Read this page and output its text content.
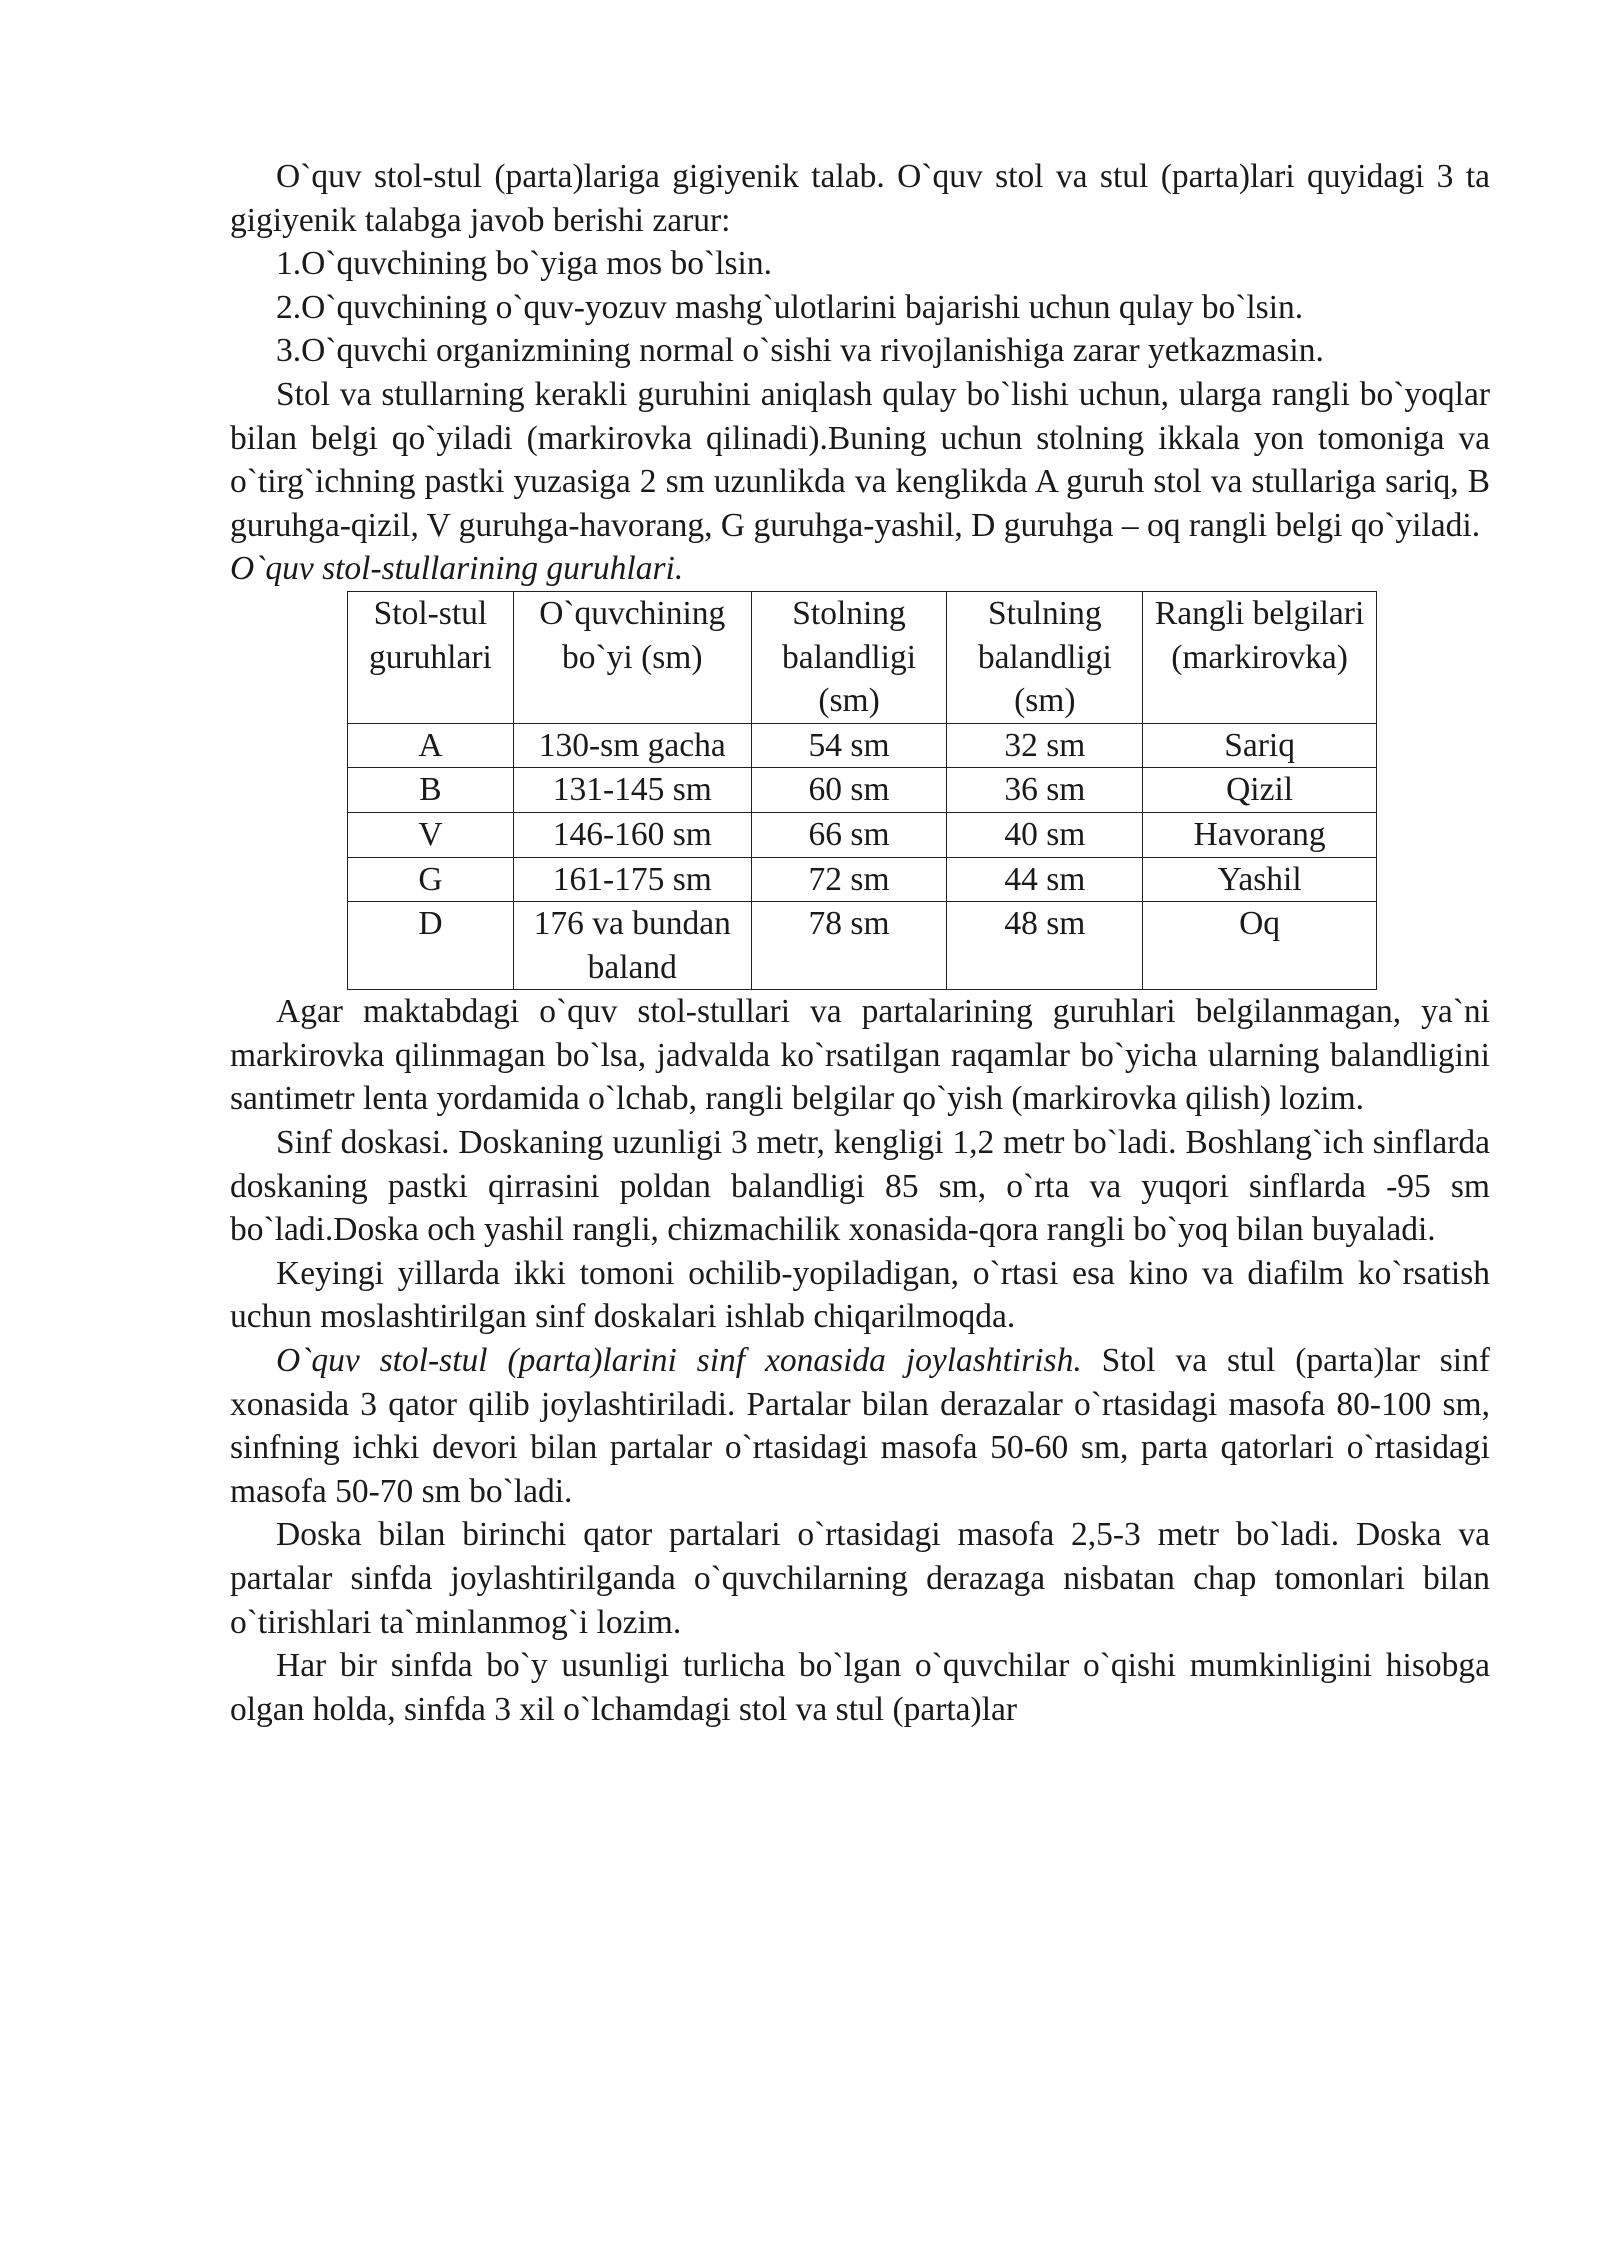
O`quv stol-stul (parta)lariga gigiyenik talab. O`quv stol va stul (parta)lari quyidagi 3 ta gigiyenik talabga javob berishi zarur:

1.O`quvchining bo`yiga mos bo`lsin.

2.O`quvchining o`quv-yozuv mashg`ulotlarini bajarishi uchun qulay bo`lsin.

3.O`quvchi organizmining normal o`sishi va rivojlanishiga zarar yetkazmasin.

Stol va stullarning kerakli guruhini aniqlash qulay bo`lishi uchun, ularga rangli bo`yoqlar bilan belgi qo`yiladi (markirovka qilinadi).Buning uchun stolning ikkala yon tomoniga va o`tirg`ichning pastki yuzasiga 2 sm uzunlikda va kenglikda A guruh stol va stullariga sariq, B guruhga-qizil, V guruhga-havorang, G guruhga-yashil, D guruhga – oq rangli belgi qo`yiladi.

O`quv stol-stullarining guruhlari.

Stol-stul guruhlari	O`quvchining bo`yi (sm)	Stolning balandligi (sm)	Stulning balandligi (sm)	Rangli belgilari (markirovka)
A	130-sm gacha	54 sm	32 sm	Sariq
B	131-145 sm	60 sm	36 sm	Qizil
V	146-160 sm	66 sm	40 sm	Havorang
G	161-175 sm	72 sm	44 sm	Yashil
D	176 va bundan baland	78 sm	48 sm	Oq

Agar maktabdagi o`quv stol-stullari va partalarining guruhlari belgilanmagan, ya`ni markirovka qilinmagan bo`lsa, jadvalda ko`rsatilgan raqamlar bo`yicha ularning balandligini santimetr lenta yordamida o`lchab, rangli belgilar qo`yish (markirovka qilish) lozim.

Sinf doskasi. Doskaning uzunligi 3 metr, kengligi 1,2 metr bo`ladi. Boshlang`ich sinflarda doskaning pastki qirrasini poldan balandligi 85 sm, o`rta va yuqori sinflarda -95 sm bo`ladi.Doska och yashil rangli, chizmachilik xonasida-qora rangli bo`yoq bilan buyaladi.

Keyingi yillarda ikki tomoni ochilib-yopiladigan, o`rtasi esa kino va diafilm ko`rsatish uchun moslashtirilgan sinf doskalari ishlab chiqarilmoqda.

O`quv stol-stul (parta)larini sinf xonasida joylashtirish. Stol va stul (parta)lar sinf xonasida 3 qator qilib joylashtiriladi. Partalar bilan derazalar o`rtasidagi masofa 80-100 sm, sinfning ichki devori bilan partalar o`rtasidagi masofa 50-60 sm, parta qatorlari o`rtasidagi masofa 50-70 sm bo`ladi.

Doska bilan birinchi qator partalari o`rtasidagi masofa 2,5-3 metr bo`ladi. Doska va partalar sinfda joylashtirilganda o`quvchilarning derazaga nisbatan chap tomonlari bilan o`tirishlari ta`minlanmog`i lozim.

Har bir sinfda bo`y usunligi turlicha bo`lgan o`quvchilar o`qishi mumkinligini hisobga olgan holda, sinfda 3 xil o`lchamdagi stol va stul (parta)lar
